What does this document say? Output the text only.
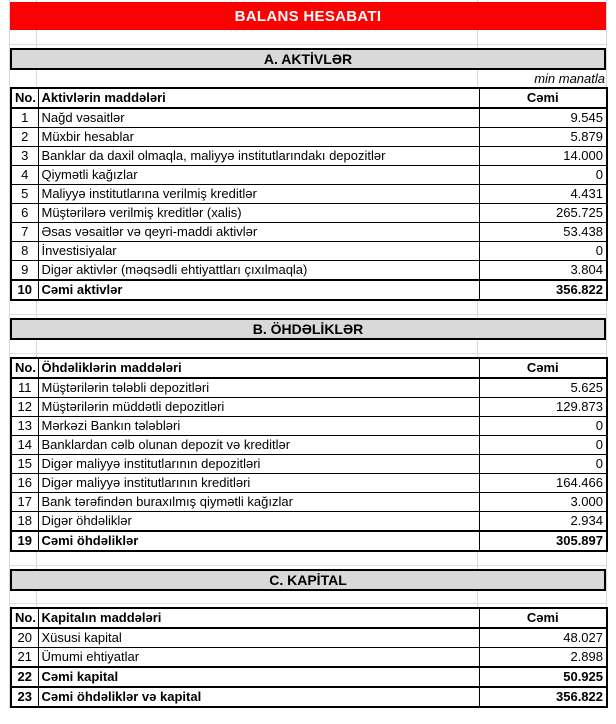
BALANS HESABATI
A. AKTİVLƏR
min manatla
No.	Aktivlərin maddələri	Cəmi
1	Nağd vəsaitlər	9.545
2	Müxbir hesablar	5.879
3	Banklar da daxil olmaqla, maliyyə institutlarındakı depozitlər	14.000
4	Qiymətli kağızlar	0
5	Maliyyə institutlarına verilmiş kreditlər	4.431
6	Müştərilərə verilmiş kreditlər (xalis)	265.725
7	Əsas vəsaitlər və qeyri-maddi aktivlər	53.438
8	İnvestisiyalar	0
9	Digər aktivlər (məqsədli ehtiyattları çıxılmaqla)	3.804
10	Cəmi aktivlər	356.822
B. ÖHDƏLİKLƏR
No.	Öhdəliklərin maddələri	Cəmi
11	Müştərilərin tələbli depozitləri	5.625
12	Müştərilərin müddətli depozitləri	129.873
13	Mərkəzi Bankın tələbləri	0
14	Banklardan cəlb olunan depozit və kreditlər	0
15	Digər maliyyə institutlarının depozitləri	0
16	Digər maliyyə institutlarının kreditləri	164.466
17	Bank tərəfindən buraxılmış qiymətli kağızlar	3.000
18	Digər öhdəliklər	2.934
19	Cəmi öhdəliklər	305.897
C. KAPİTAL
No.	Kapitalın maddələri	Cəmi
20	Xüsusi kapital	48.027
21	Ümumi ehtiyatlar	2.898
22	Cəmi kapital	50.925
23	Cəmi öhdəliklər və kapital	356.822
